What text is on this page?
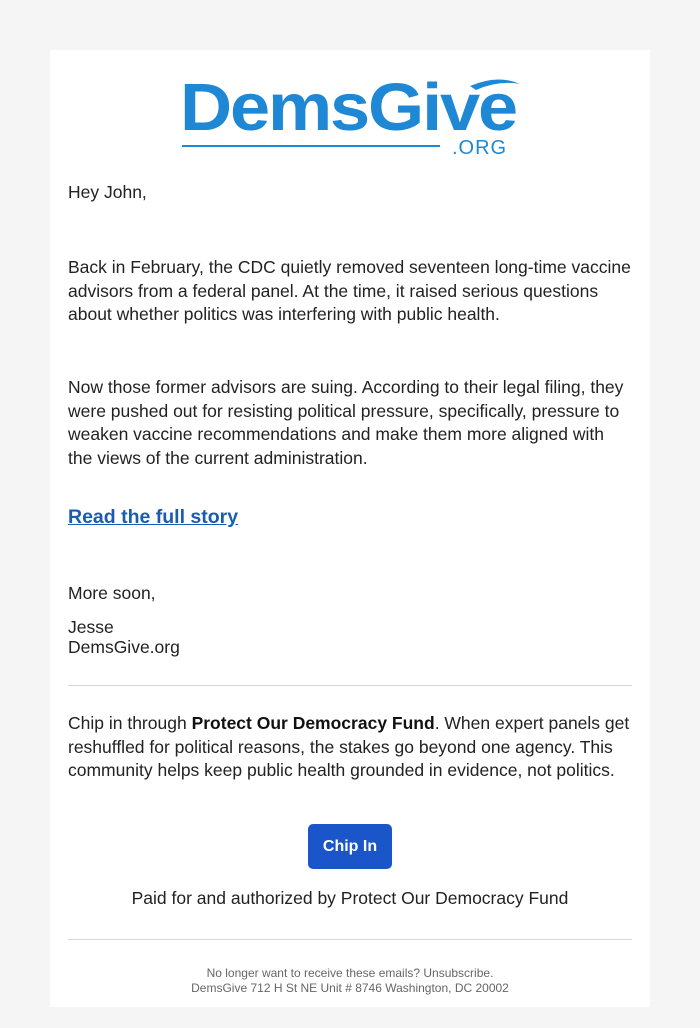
DemsGive
.ORG

Hey John,

Back in February, the CDC quietly removed seventeen long-time vaccine advisors from a federal panel. At the time, it raised serious questions about whether politics was interfering with public health.

Now those former advisors are suing. According to their legal filing, they were pushed out for resisting political pressure, specifically, pressure to weaken vaccine recommendations and make them more aligned with the views of the current administration.

Read the full story

More soon,

Jesse
DemsGive.org

Chip in through Protect Our Democracy Fund. When expert panels get reshuffled for political reasons, the stakes go beyond one agency. This community helps keep public health grounded in evidence, not politics.

Chip In
Paid for and authorized by Protect Our Democracy Fund
No longer want to receive these emails? Unsubscribe.
DemsGive 712 H St NE Unit # 8746 Washington, DC 20002
